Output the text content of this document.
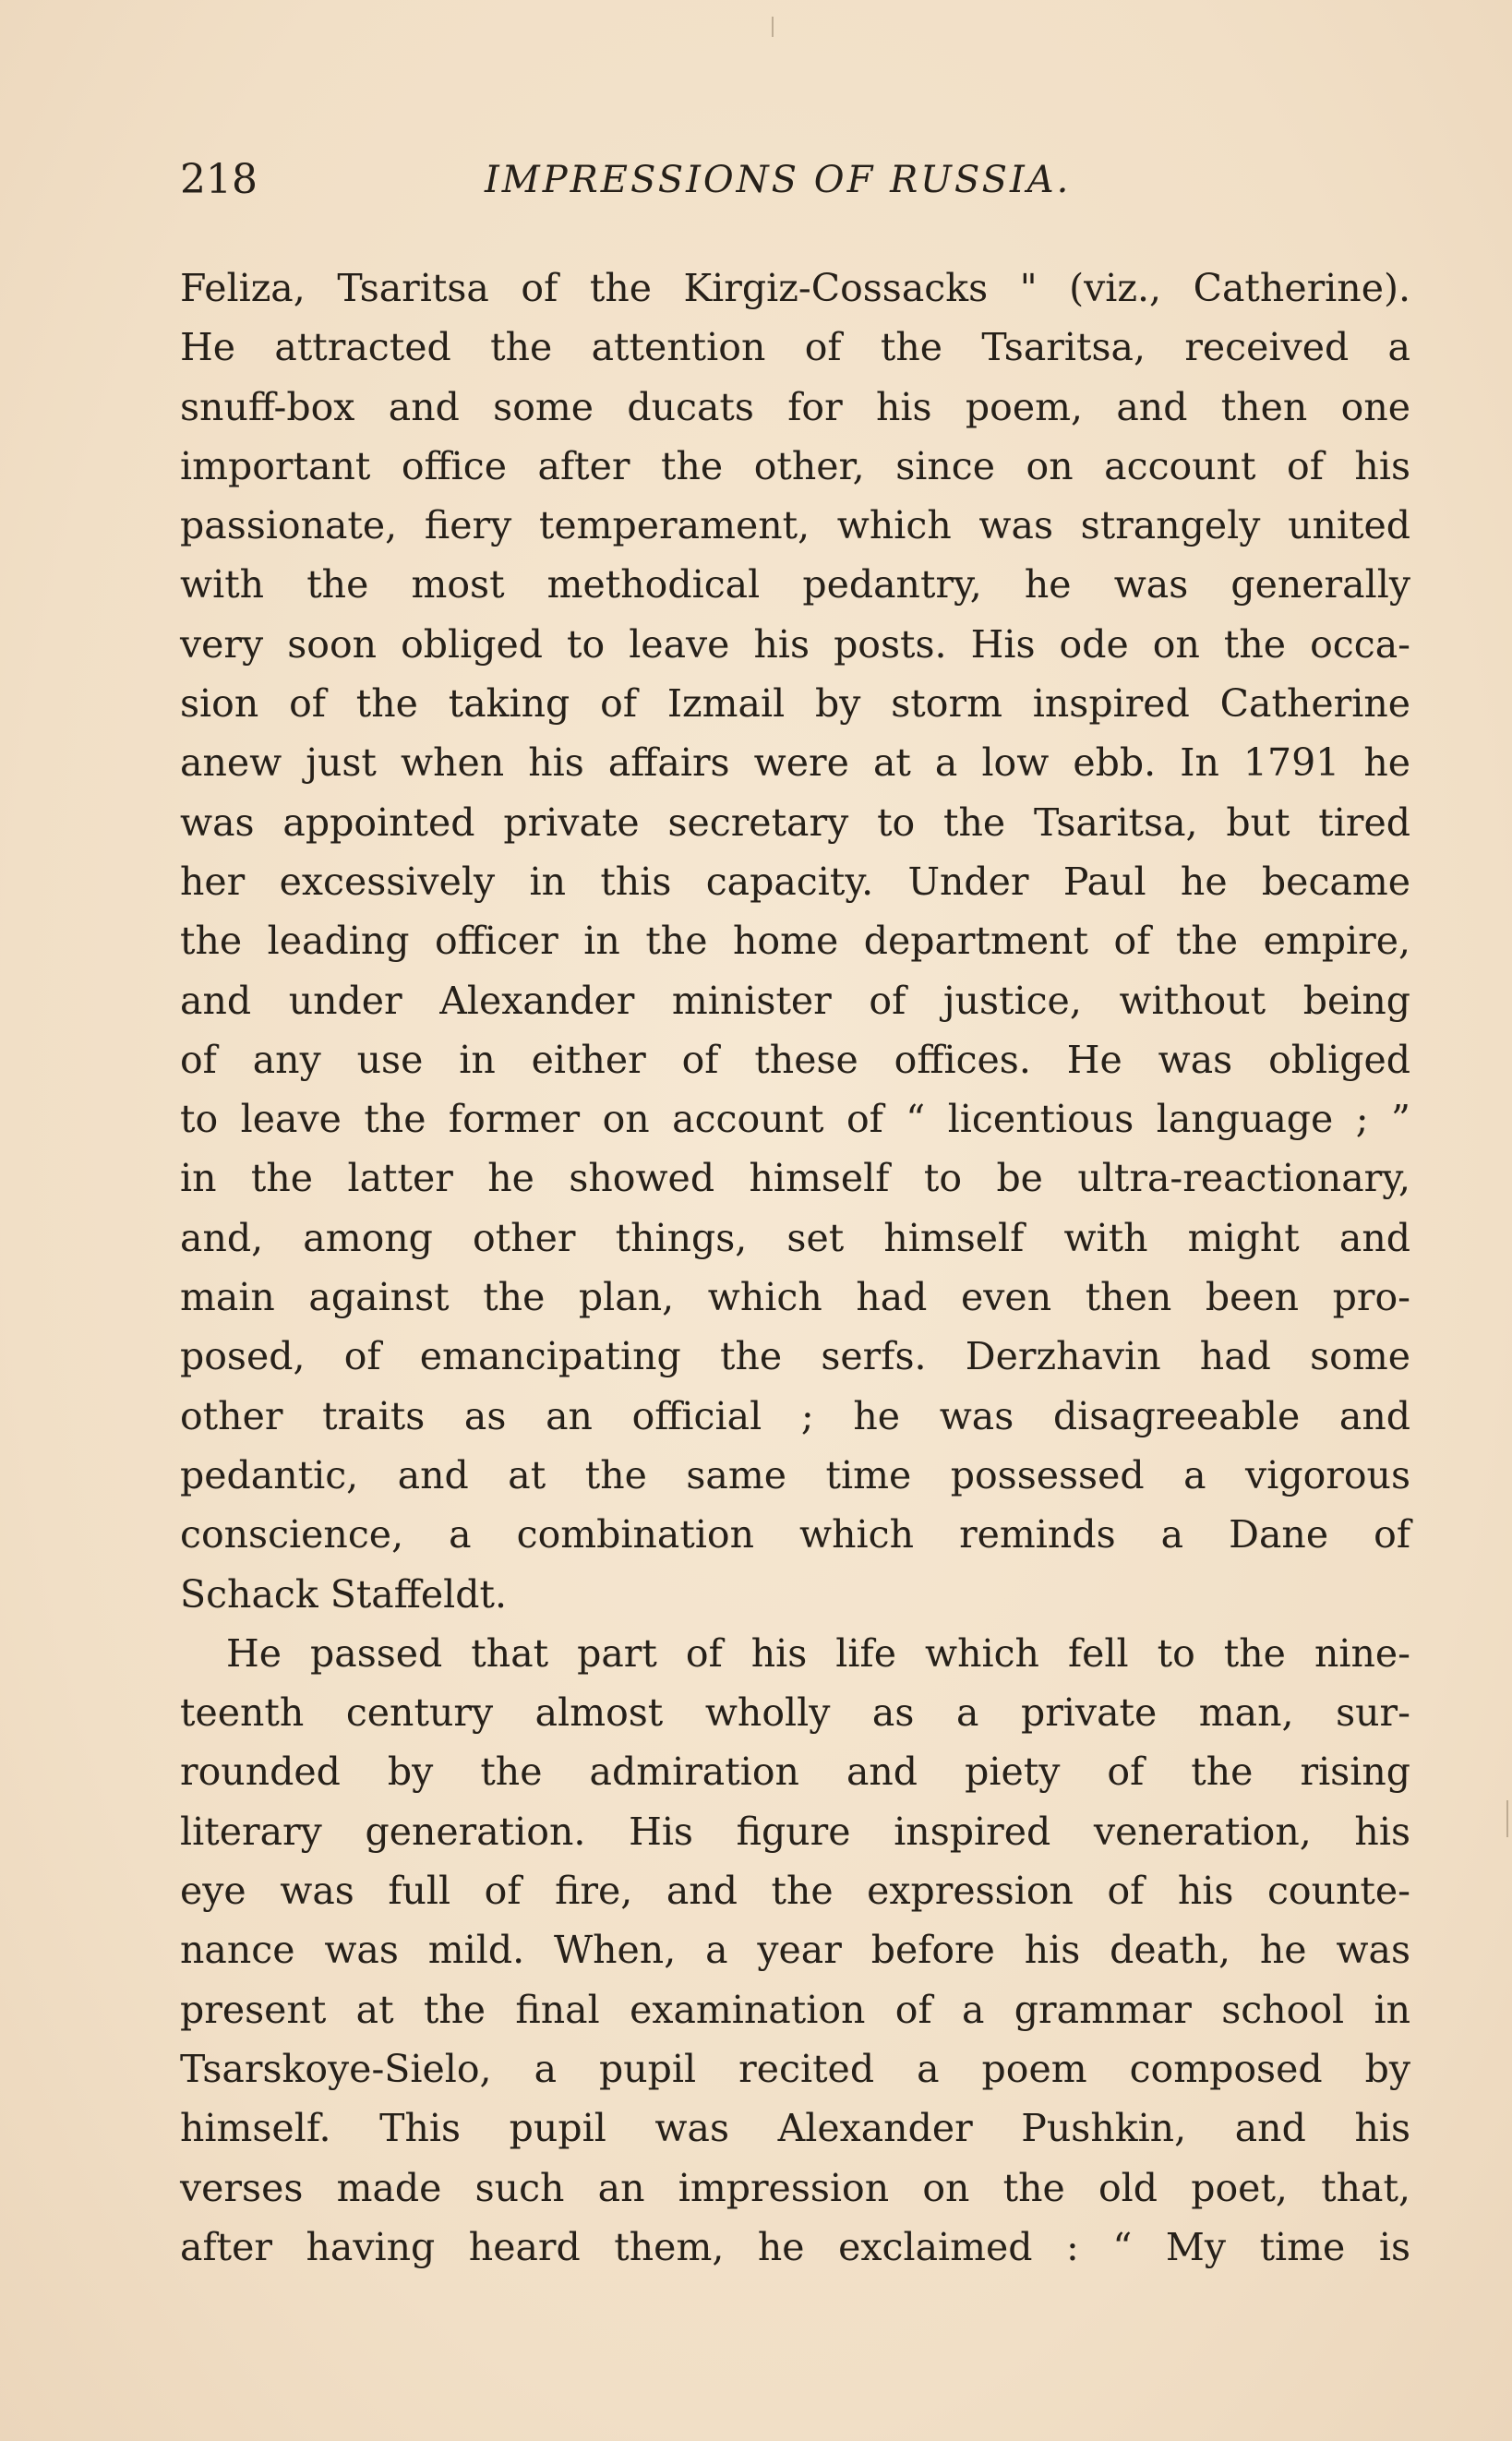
218	IMPRESSIONS OF RUSSIA.
Feliza, Tsaritsa of the Kirgiz-Cossacks " (viz., Catherine).
He attracted the attention of the Tsaritsa, received a
snuff-box and some ducats for his poem, and then one
important office after the other, since on account of his
passionate, fiery temperament, which was strangely united
with the most methodical pedantry, he was generally
very soon obliged to leave his posts. His ode on the occa-
sion of the taking of Izmail by storm inspired Catherine
anew just when his affairs were at a low ebb. In 1791 he
was appointed private secretary to the Tsaritsa, but tired
her excessively in this capacity. Under Paul he became
the leading officer in the home department of the empire,
and under Alexander minister of justice, without being
of any use in either of these offices. He was obliged
to leave the former on account of “ licentious language ; ”
in the latter he showed himself to be ultra-reactionary,
and, among other things, set himself with might and
main against the plan, which had even then been pro-
posed, of emancipating the serfs. Derzhavin had some
other traits as an official ; he was disagreeable and
pedantic, and at the same time possessed a vigorous
conscience, a combination which reminds a Dane of
Schack Staffeldt.
He passed that part of his life which fell to the nine-
teenth century almost wholly as a private man, sur-
rounded by the admiration and piety of the rising
literary generation. His figure inspired veneration, his
eye was full of fire, and the expression of his counte-
nance was mild. When, a year before his death, he was
present at the final examination of a grammar school in
Tsarskoye-Sielo, a pupil recited a poem composed by
himself. This pupil was Alexander Pushkin, and his
verses made such an impression on the old poet, that,
after having heard them, he exclaimed : “ My time is
